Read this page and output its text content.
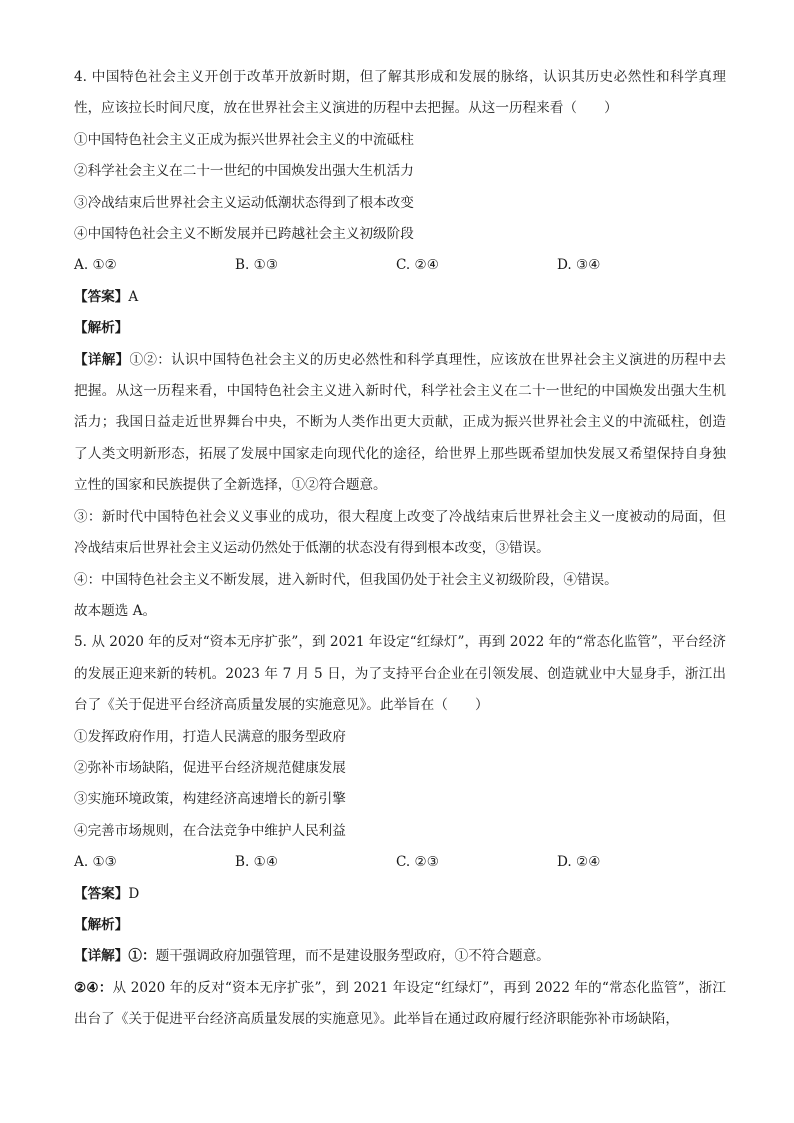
4. 中国特色社会主义开创于改革开放新时期，但了解其形成和发展的脉络，认识其历史必然性和科学真理性，应该拉长时间尺度，放在世界社会主义演进的历程中去把握。从这一历程来看（　　）
①中国特色社会主义正成为振兴世界社会主义的中流砥柱
②科学社会主义在二十一世纪的中国焕发出强大生机活力
③冷战结束后世界社会主义运动低潮状态得到了根本改变
④中国特色社会主义不断发展并已跨越社会主义初级阶段
A. ①②	B. ①③	C. ②④	D. ③④
【答案】A
【解析】
【详解】①②：认识中国特色社会主义的历史必然性和科学真理性，应该放在世界社会主义演进的历程中去把握。从这一历程来看，中国特色社会主义进入新时代，科学社会主义在二十一世纪的中国焕发出强大生机活力；我国日益走近世界舞台中央，不断为人类作出更大贡献，正成为振兴世界社会主义的中流砥柱，创造了人类文明新形态，拓展了发展中国家走向现代化的途径，给世界上那些既希望加快发展又希望保持自身独立性的国家和民族提供了全新选择，①②符合题意。
③：新时代中国特色社会义义事业的成功，很大程度上改变了冷战结束后世界社会主义一度被动的局面，但冷战结束后世界社会主义运动仍然处于低潮的状态没有得到根本改变，③错误。
④：中国特色社会主义不断发展，进入新时代，但我国仍处于社会主义初级阶段，④错误。
故本题选 A。
5. 从 2020 年的反对“资本无序扩张”，到 2021 年设定“红绿灯”，再到 2022 年的“常态化监管”，平台经济的发展正迎来新的转机。2023 年 7 月 5 日，为了支持平台企业在引领发展、创造就业中大显身手，浙江出台了《关于促进平台经济高质量发展的实施意见》。此举旨在（　　）
①发挥政府作用，打造人民满意的服务型政府
②弥补市场缺陷，促进平台经济规范健康发展
③实施环境政策，构建经济高速增长的新引擎
④完善市场规则，在合法竞争中维护人民利益
A. ①③	B. ①④	C. ②③	D. ②④
【答案】D
【解析】
【详解】①：题干强调政府加强管理，而不是建设服务型政府，①不符合题意。
②④：从 2020 年的反对“资本无序扩张”，到 2021 年设定“红绿灯”，再到 2022 年的“常态化监管”，浙江出台了《关于促进平台经济高质量发展的实施意见》。此举旨在通过政府履行经济职能弥补市场缺陷，
